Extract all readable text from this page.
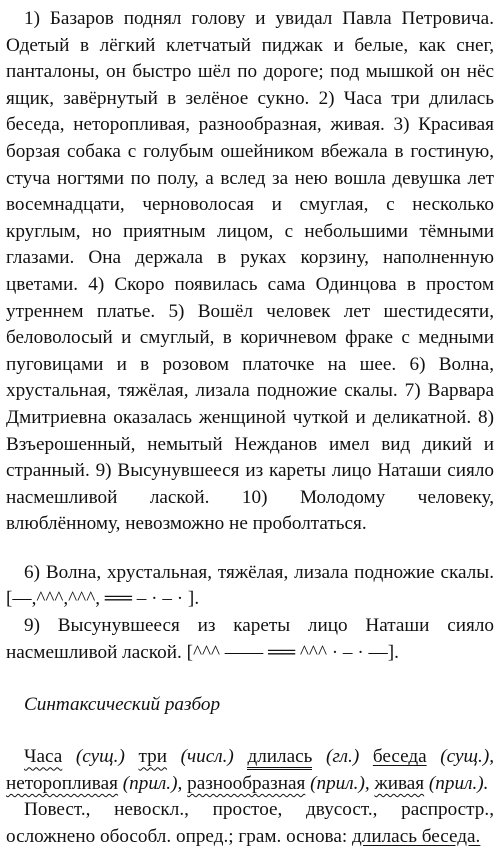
1) Базаров поднял голову и увидал Павла Петровича. Одетый в лёгкий клетчатый пиджак и белые, как снег, панталоны, он быстро шёл по дороге; под мышкой он нёс ящик, завёрнутый в зелёное сукно. 2) Часа три длилась беседа, неторопливая, разнообразная, живая. 3) Красивая борзая собака с голубым ошейником вбежала в гостиную, стуча ногтями по полу, а вслед за нею вошла девушка лет восемнадцати, черноволосая и смуглая, с несколько круглым, но приятным лицом, с небольшими тёмными глазами. Она держала в руках корзину, наполненную цветами. 4) Скоро появилась сама Одинцова в простом утреннем платье. 5) Вошёл человек лет шестидесяти, беловолосый и смуглый, в коричневом фраке с медными пуговицами и в розовом платочке на шее. 6) Волна, хрустальная, тяжёлая, лизала подножие скалы. 7) Варвара Дмитриевна оказалась женщиной чуткой и деликатной. 8) Взъерошенный, немытый Нежданов имел вид дикий и странный. 9) Высунувшееся из кареты лицо Наташи сияло насмешливой лаской. 10) Молодому человеку, влюблённому, невозможно не проболтаться.

6) Волна, хрустальная, тяжёлая, лизала подножие скалы. [—,^^^,^^^, ══ – · – · ].

9) Высунувшееся из кареты лицо Наташи сияло насмешливой лаской. [^^^ —— ══ ^^^ · – · —].

Синтаксический разбор

Часа (сущ.) три (числ.) длилась (гл.) беседа (сущ.), неторопливая (прил.), разнообразная (прил.), живая (прил.).

Повест., невоскл., простое, двусост., распростр., осложнено обособл. опред.; грам. основа: длилась беседа.
